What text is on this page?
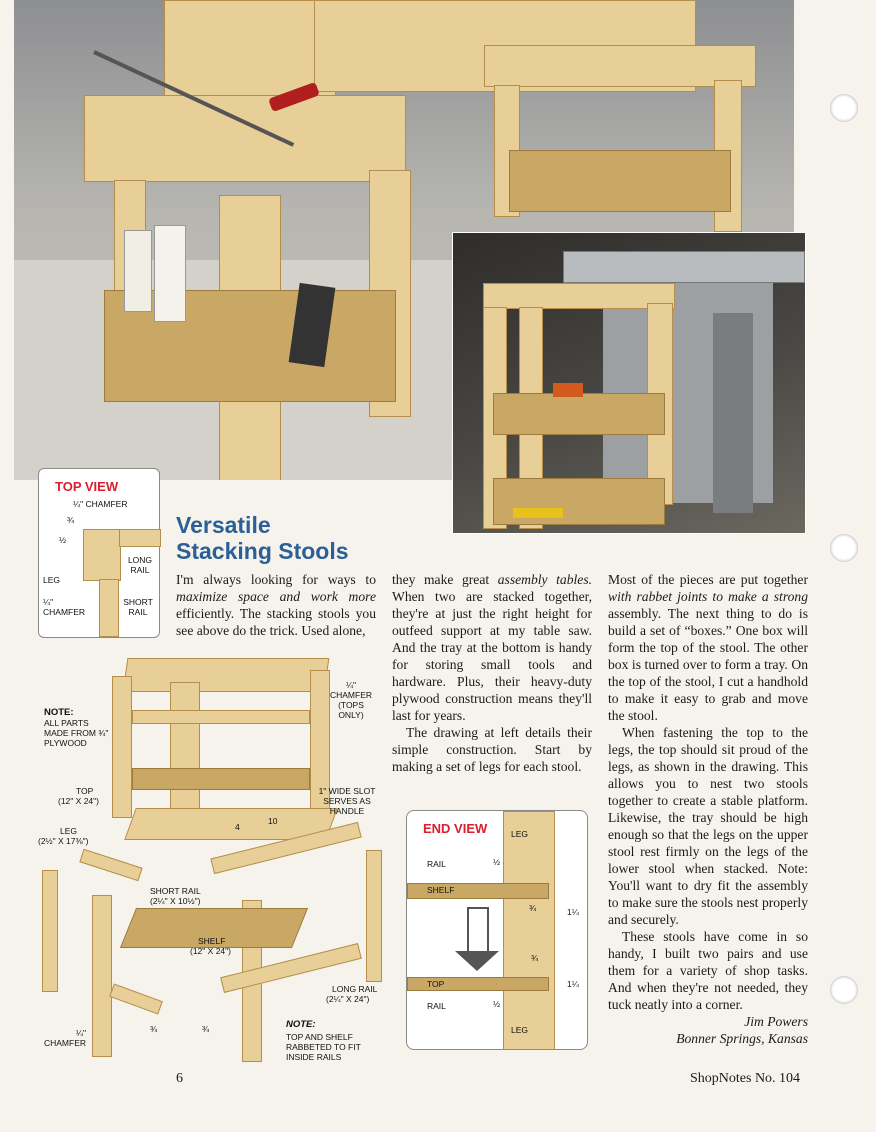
TOP VIEW
¼" CHAMFER
¾
½
LEG
LONG RAIL
SHORT RAIL
¼" CHAMFER
Versatile
Stacking Stools

I'm always looking for ways to maximize space and work more efficiently. The stacking stools you see above do the trick. Used alone,

they make great assembly tables. When two are stacked together, they're at just the right height for outfeed support at my table saw. And the tray at the bottom is handy for storing small tools and hardware. Plus, their heavy-duty plywood construction means they'll last for years.

The drawing at left details their simple construction. Start by making a set of legs for each stool.

Most of the pieces are put together with rabbet joints to make a strong assembly. The next thing to do is build a set of “boxes.” One box will form the top of the stool. The other box is turned over to form a tray. On the top of the stool, I cut a handhold to make it easy to grab and move the stool.

When fastening the top to the legs, the top should sit proud of the legs, as shown in the drawing. This allows you to nest two stools together to create a stable platform. Likewise, the tray should be high enough so that the legs on the upper stool rest firmly on the legs of the lower stool when stacked. Note: You'll want to dry fit the assembly to make sure the stools nest properly and securely.

These stools have come in so handy, I built two pairs and use them for a variety of shop tasks. And when they're not needed, they tuck neatly into a corner.

Jim Powers

Bonner Springs, Kansas

NOTE:
ALL PARTS MADE FROM ¾" PLYWOOD
¼" CHAMFER (TOPS ONLY)
1" WIDE SLOT SERVES AS HANDLE
TOP
(12" X 24")
LEG
(2½" X 17⅜")
SHORT RAIL
(2¼" X 10½")
SHELF
(12" X 24")
LONG RAIL
(2¼" X 24")
¼" CHAMFER
4
10
¾	¾	NOTE:
TOP AND SHELF RABBETED TO FIT INSIDE RAILS
END VIEW	LEG
RAIL	½
SHELF
¾	1¼
¾
TOP	1¼
RAIL	½
LEG
6	ShopNotes No. 104
